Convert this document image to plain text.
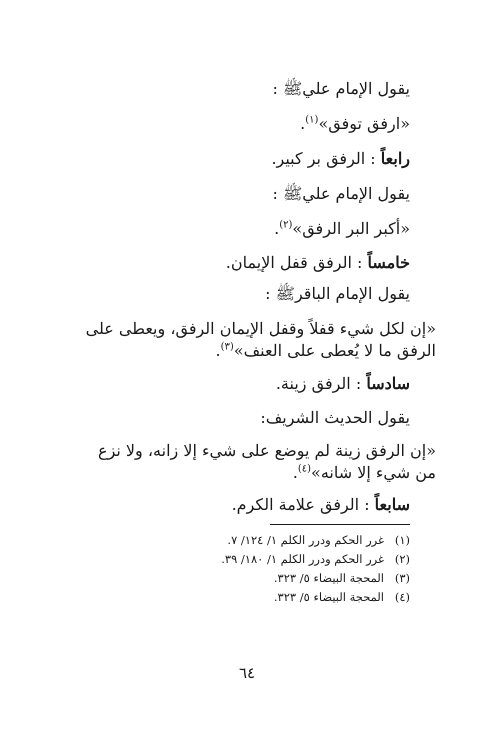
يقول الإمام عليﷺ :
«ارفق توفق»$^{(١)}$.
رابعاً : الرفق بر كبير.
يقول الإمام عليﷺ :
«أكبر البر الرفق»$^{(٢)}$.
خامساً : الرفق قفل الإيمان.
يقول الإمام الباقرﷺ :
«إن لكل شيء قفلاً وقفل الإيمان الرفق، ويعطى على
الرفق ما لا يُعطى على العنف»$^{(٣)}$.
سادساً : الرفق زينة.
يقول الحديث الشريف:
«إن الرفق زينة لم يوضع على شيء إلا زانه، ولا نزع
من شيء إلا شانه»$^{(٤)}$.
سابعاً : الرفق علامة الكرم.
(١)غرر الحكم ودرر الكلم ١/ ١٢٤/ ٧.
(٢)غرر الحكم ودرر الكلم ١/ ١٨٠/ ٣٩.
(٣)المحجة البيضاء ٥/ ٣٢٣.
(٤)المحجة البيضاء ٥/ ٣٢٣.
٦٤
